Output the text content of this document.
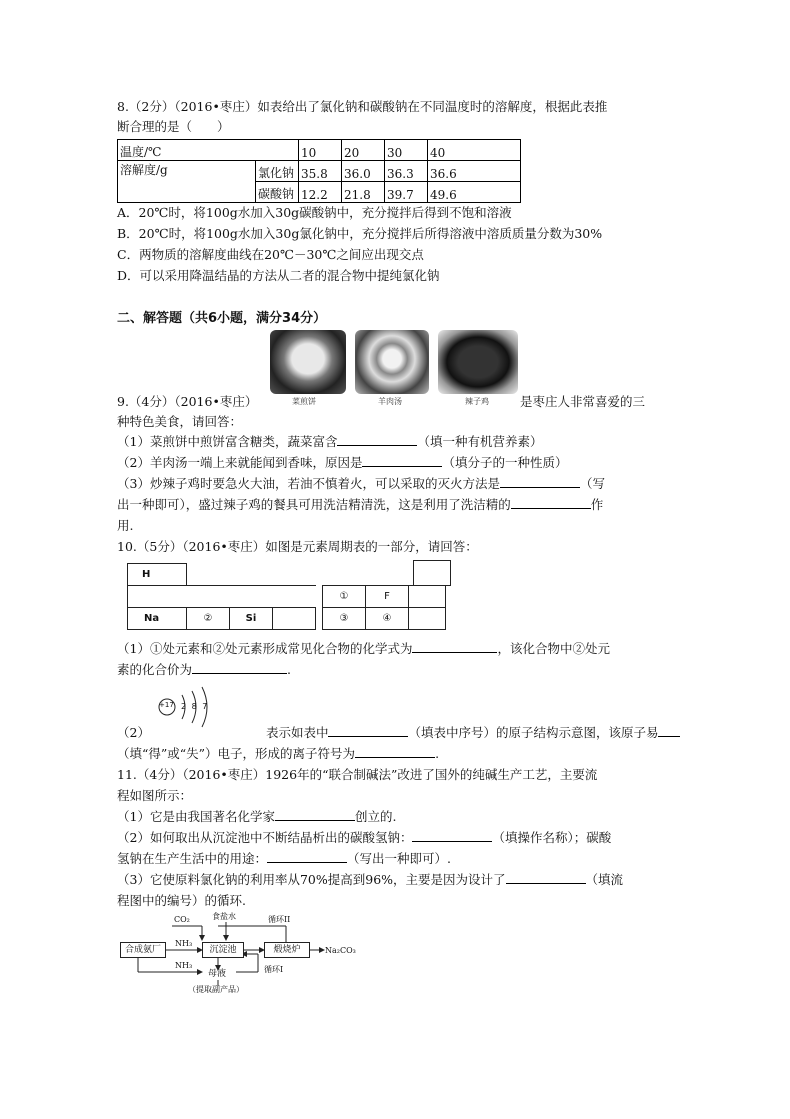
8.（2分）（2016•枣庄）如表给出了氯化钠和碳酸钠在不同温度时的溶解度，根据此表推
断合理的是（　　）
温度/℃		10	20	30	40
溶解度/g	氯化钠	35.8	36.0	36.3	36.6
	碳酸钠	12.2	21.8	39.7	49.6
A．20℃时，将100g水加入30g碳酸钠中，充分搅拌后得到不饱和溶液
B．20℃时，将100g水加入30g氯化钠中，充分搅拌后所得溶液中溶质质量分数为30%
C．两物质的溶解度曲线在20℃－30℃之间应出现交点
D．可以采用降温结晶的方法从二者的混合物中提纯氯化钠
二、解答题（共6小题，满分34分）
菜煎饼	羊肉汤	辣子鸡
9.（4分）（2016•枣庄）	是枣庄人非常喜爱的三
种特色美食，请回答：
（1）菜煎饼中煎饼富含糖类，蔬菜富含	（填一种有机营养素）
（2）羊肉汤一端上来就能闻到香味，原因是	（填分子的一种性质）
（3）炒辣子鸡时要急火大油，若油不慎着火，可以采取的灭火方法是	（写
出一种即可），盛过辣子鸡的餐具可用洗洁精清洗，这是利用了洗洁精的	作
用.
10.（5分）（2016•枣庄）如图是元素周期表的一部分，请回答：
H
					①	F	
Na	②	Si			③	④	
（1）①处元素和②处元素形成常见化合物的化学式为	，该化合物中②处元
素的化合价为	.
+17 2 8 7
（2）	表示如表中	（填表中序号）的原子结构示意图，该原子易
（填“得”或“失”）电子，形成的离子符号为	.
11.（4分）（2016•枣庄）1926年的“联合制碱法”改进了国外的纯碱生产工艺，主要流
程如图所示：
（1）它是由我国著名化学家	创立的.
（2）如何取出从沉淀池中不断结晶析出的碳酸氢钠：	（填操作名称）；碳酸
氢钠在生产生活中的用途：	（写出一种即可）.
（3）它使原料氯化钠的利用率从70%提高到96%，主要是因为设计了	（填流
程图中的编号）的循环.
合成氨厂	沉淀池	煅烧炉	Na₂CO₃
CO₂	食盐水	循环II
NH₃
NH₃
母液	循环I
（提取副产品）
